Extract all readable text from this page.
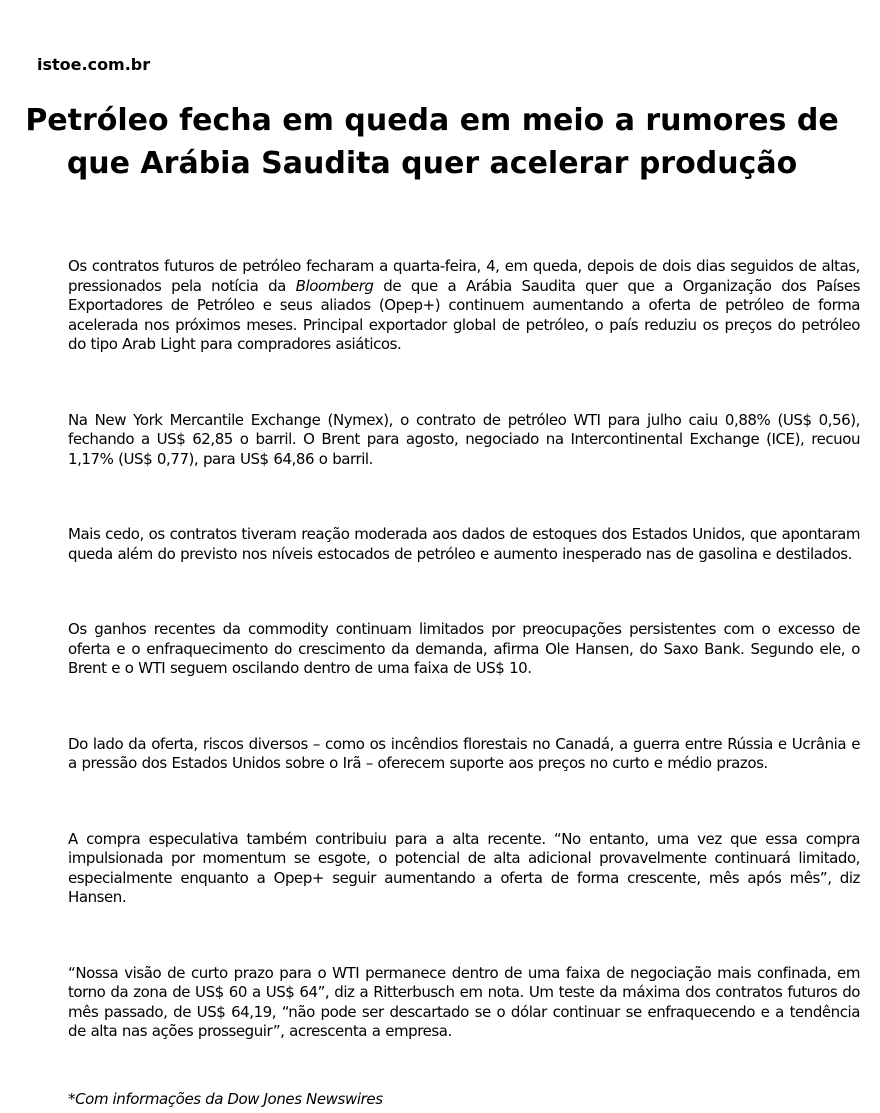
istoe.com.br
Petróleo fecha em queda em meio a rumores de
que Arábia Saudita quer acelerar produção

Os contratos futuros de petróleo fecharam a quarta-feira, 4, em queda, depois de dois dias seguidos de altas, pressionados pela notícia da Bloomberg de que a Arábia Saudita quer que a Organização dos Países Exportadores de Petróleo e seus aliados (Opep+) continuem aumentando a oferta de petróleo de forma acelerada nos próximos meses. Principal exportador global de petróleo, o país reduziu os preços do petróleo do tipo Arab Light para compradores asiáticos.

Na New York Mercantile Exchange (Nymex), o contrato de petróleo WTI para julho caiu 0,88% (US$ 0,56), fechando a US$ 62,85 o barril. O Brent para agosto, negociado na Intercontinental Exchange (ICE), recuou 1,17% (US$ 0,77), para US$ 64,86 o barril.

Mais cedo, os contratos tiveram reação moderada aos dados de estoques dos Estados Unidos, que apontaram queda além do previsto nos níveis estocados de petróleo e aumento inesperado nas de gasolina e destilados.

Os ganhos recentes da commodity continuam limitados por preocupações persistentes com o excesso de oferta e o enfraquecimento do crescimento da demanda, afirma Ole Hansen, do Saxo Bank. Segundo ele, o Brent e o WTI seguem oscilando dentro de uma faixa de US$ 10.

Do lado da oferta, riscos diversos – como os incêndios florestais no Canadá, a guerra entre Rússia e Ucrânia e a pressão dos Estados Unidos sobre o Irã – oferecem suporte aos preços no curto e médio prazos.

A compra especulativa também contribuiu para a alta recente. “No entanto, uma vez que essa compra impulsionada por momentum se esgote, o potencial de alta adicional provavelmente continuará limitado, especialmente enquanto a Opep+ seguir aumentando a oferta de forma crescente, mês após mês”, diz Hansen.

“Nossa visão de curto prazo para o WTI permanece dentro de uma faixa de negociação mais confinada, em torno da zona de US$ 60 a US$ 64”, diz a Ritterbusch em nota. Um teste da máxima dos contratos futuros do mês passado, de US$ 64,19, “não pode ser descartado se o dólar continuar se enfraquecendo e a tendência de alta nas ações prosseguir”, acrescenta a empresa.

*Com informações da Dow Jones Newswires
